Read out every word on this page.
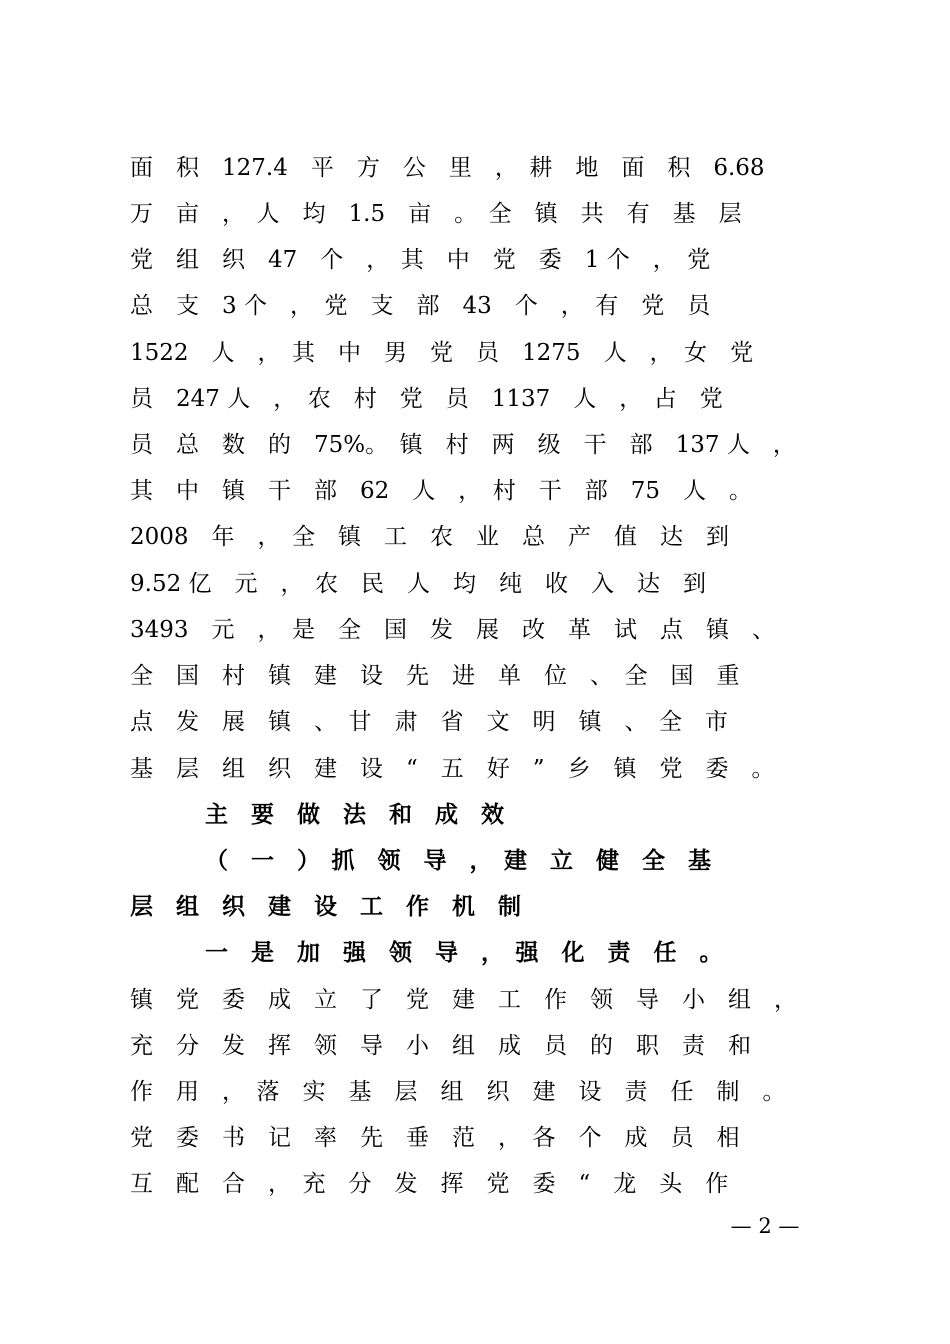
面　积　127.4　平　方　公　里　，　耕　地　面　积　6.68
万　亩　，　人　均　1.5　亩　。　全　镇　共　有　基　层
党　组　织　47　个　，　其　中　党　委　1 个　，　党
总　支　3 个　，　党　支　部　43　个　，　有　党　员
1522　人　，　其　中　男　党　员　1275　人　，　女　党
员　247 人　，　农　村　党　员　1137　人　，　占　党
员　总　数　的　75%。　镇　村　两　级　干　部　137 人　，
其　中　镇　干　部　62　人　，　村　干　部　75　人　。
2008　年　，　全　镇　工　农　业　总　产　值　达　到
9.52 亿　元　，　农　民　人　均　纯　收　入　达　到
3493　元　，　是　全　国　发　展　改　革　试　点　镇　、
全　国　村　镇　建　设　先　进　单　位　、　全　国　重
点　发　展　镇　、　甘　肃　省　文　明　镇　、　全　市
基　层　组　织　建　设　“　五　好　”　乡　镇　党　委　。
主　要　做　法　和　成　效
（　一　）　抓　领　导　，　建　立　健　全　基
层　组　织　建　设　工　作　机　制
一　是　加　强　领　导　，　强　化　责　任　。
镇　党　委　成　立　了　党　建　工　作　领　导　小　组　，
充　分　发　挥　领　导　小　组　成　员　的　职　责　和
作　用　，　落　实　基　层　组　织　建　设　责　任　制　。
党　委　书　记　率　先　垂　范　，　各　个　成　员　相
互　配　合　，　充　分　发　挥　党　委　“　龙　头　作
— 2 —
